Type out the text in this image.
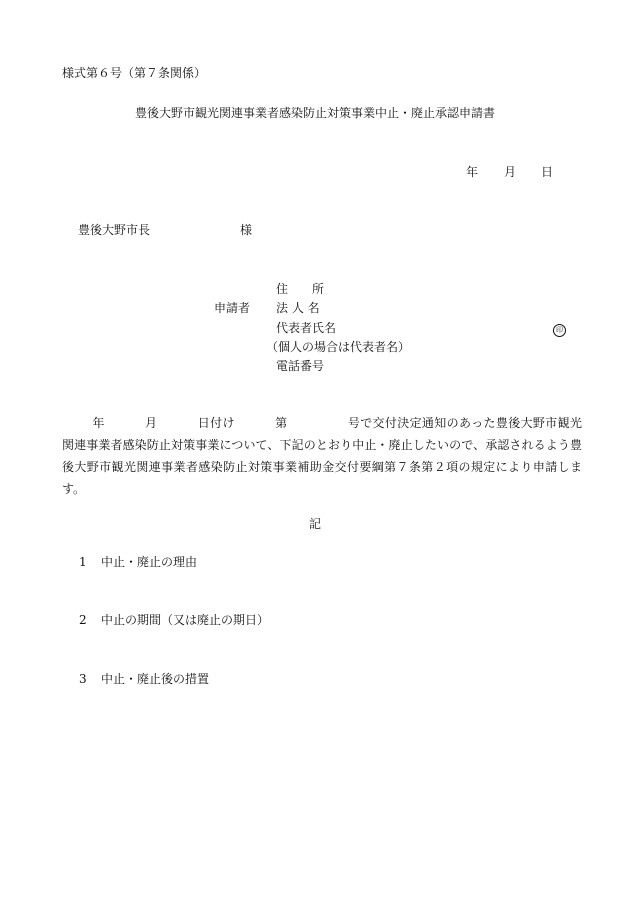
様式第６号（第７条関係）
豊後大野市観光関連事業者感染防止対策事業中止・廃止承認申請書
年 月 日
豊後大野市長	様
住　　所
申請者 法 人 名
代表者氏名	印
（個人の場合は代表者名）
電話番号
年	月	日付け	第	号で交付決定通知のあった豊後大野市観光関連事業者感染防止対策事業について、下記のとおり中止・廃止したいので、承認されるよう豊後大野市観光関連事業者感染防止対策事業補助金交付要綱第７条第２項の規定により申請します。
記
1 中止・廃止の理由
2 中止の期間（又は廃止の期日）
3 中止・廃止後の措置
